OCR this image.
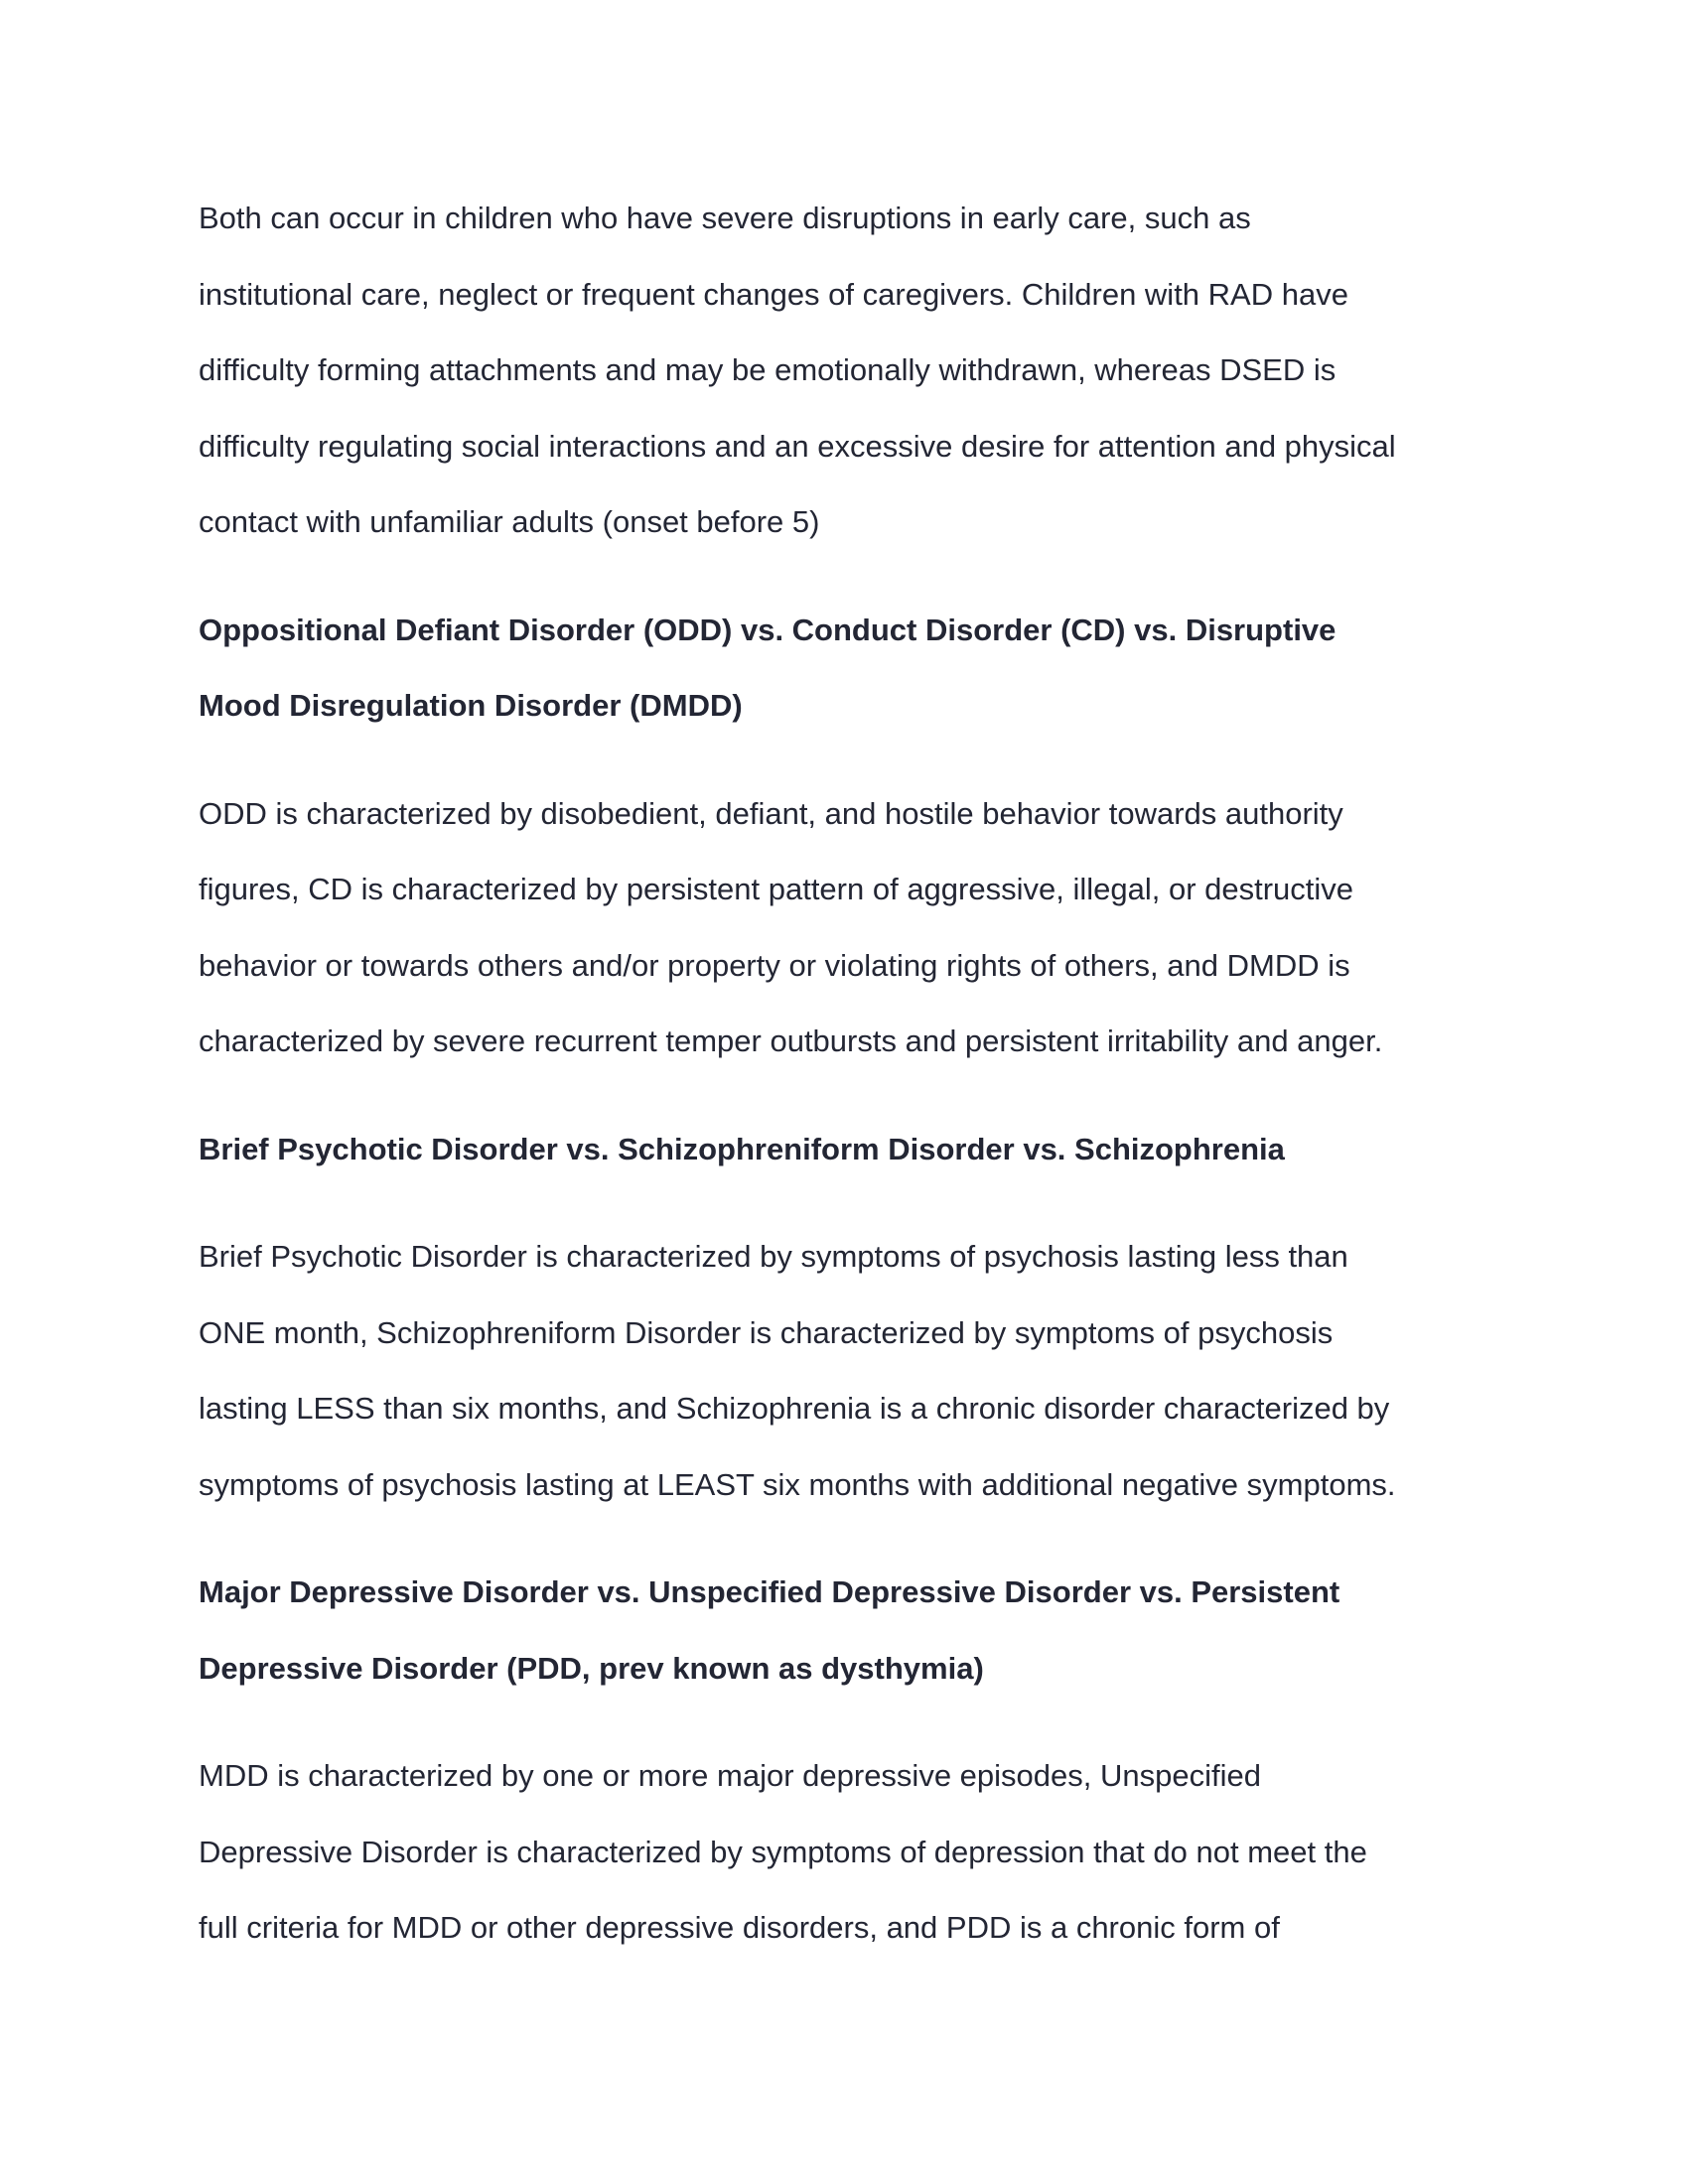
Both can occur in children who have severe disruptions in early care, such as

institutional care, neglect or frequent changes of caregivers. Children with RAD have

difficulty forming attachments and may be emotionally withdrawn, whereas DSED is

difficulty regulating social interactions and an excessive desire for attention and physical

contact with unfamiliar adults (onset before 5)

Oppositional Defiant Disorder (ODD) vs. Conduct Disorder (CD) vs. Disruptive

Mood Disregulation Disorder (DMDD)

ODD is characterized by disobedient, defiant, and hostile behavior towards authority

figures, CD is characterized by persistent pattern of aggressive, illegal, or destructive

behavior or towards others and/or property or violating rights of others, and DMDD is

characterized by severe recurrent temper outbursts and persistent irritability and anger.

Brief Psychotic Disorder vs. Schizophreniform Disorder vs. Schizophrenia

Brief Psychotic Disorder is characterized by symptoms of psychosis lasting less than

ONE month, Schizophreniform Disorder is characterized by symptoms of psychosis

lasting LESS than six months, and Schizophrenia is a chronic disorder characterized by

symptoms of psychosis lasting at LEAST six months with additional negative symptoms.

Major Depressive Disorder vs. Unspecified Depressive Disorder vs. Persistent

Depressive Disorder (PDD, prev known as dysthymia)

MDD is characterized by one or more major depressive episodes, Unspecified

Depressive Disorder is characterized by symptoms of depression that do not meet the

full criteria for MDD or other depressive disorders, and PDD is a chronic form of
